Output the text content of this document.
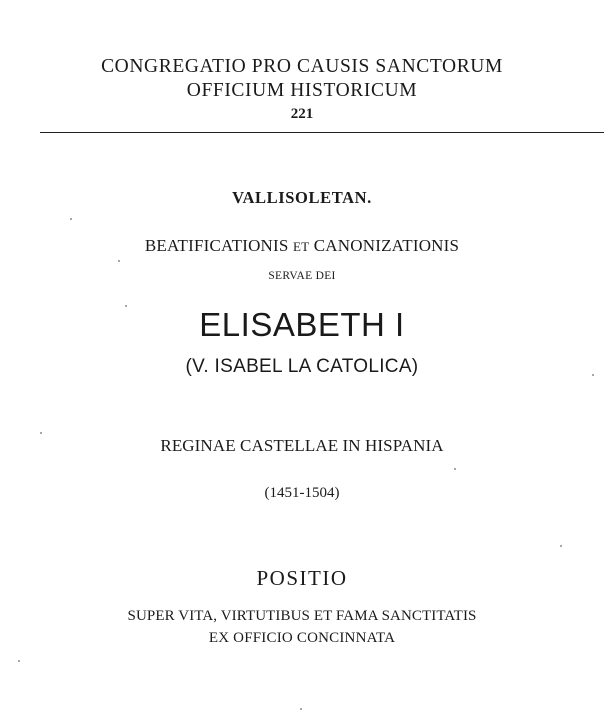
CONGREGATIO PRO CAUSIS SANCTORUM
OFFICIUM HISTORICUM
221
VALLISOLETAN.
BEATIFICATIONIS ET CANONIZATIONIS
SERVAE DEI
ELISABETH I
(V. ISABEL LA CATOLICA)
REGINAE CASTELLAE IN HISPANIA
(1451-1504)
POSITIO
SUPER VITA, VIRTUTIBUS ET FAMA SANCTITATIS
EX OFFICIO CONCINNATA
